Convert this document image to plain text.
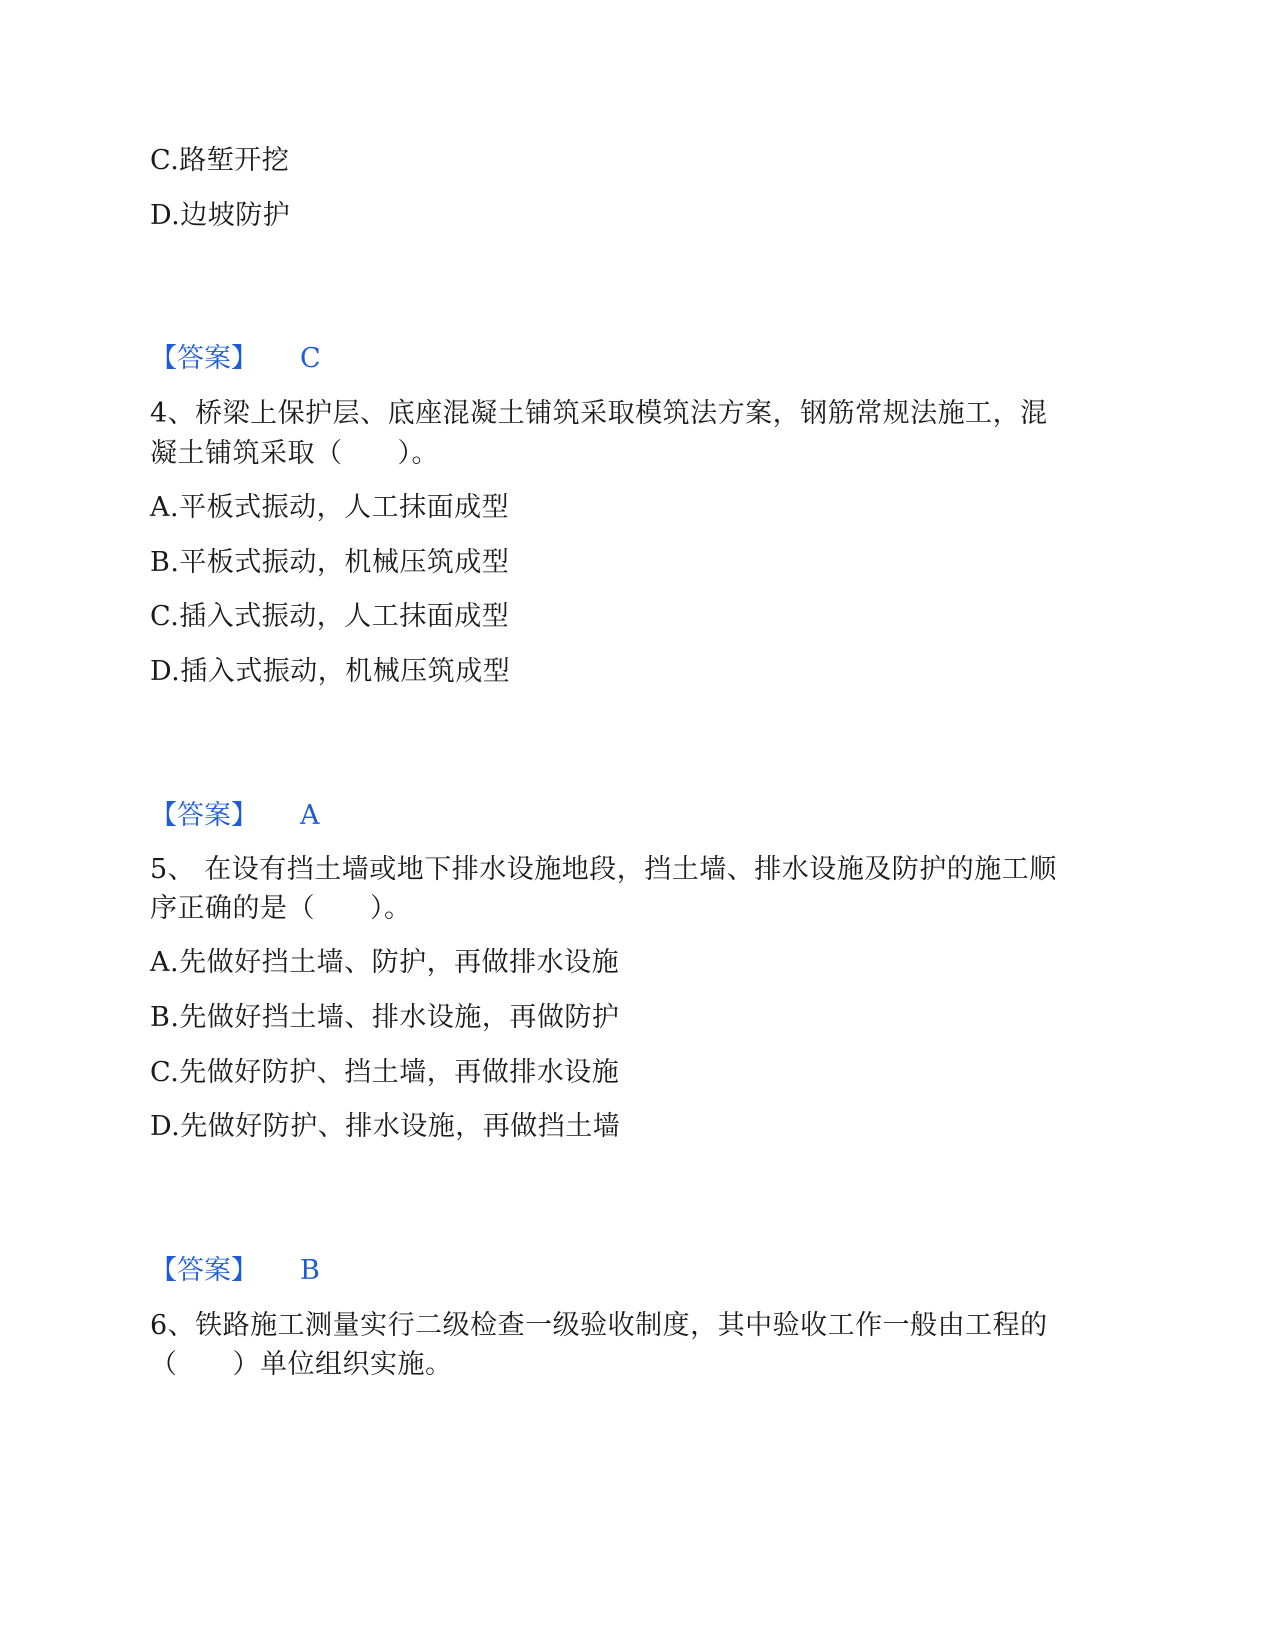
C.路堑开挖
D.边坡防护
【答案】 C
4、桥梁上保护层、底座混凝土铺筑采取模筑法方案，钢筋常规法施工，混
凝土铺筑采取（　　）。
A.平板式振动，人工抹面成型
B.平板式振动，机械压筑成型
C.插入式振动，人工抹面成型
D.插入式振动，机械压筑成型
【答案】 A
5、 在设有挡土墙或地下排水设施地段，挡土墙、排水设施及防护的施工顺
序正确的是（　　）。
A.先做好挡土墙、防护，再做排水设施
B.先做好挡土墙、排水设施，再做防护
C.先做好防护、挡土墙，再做排水设施
D.先做好防护、排水设施，再做挡土墙
【答案】 B
6、铁路施工测量实行二级检查一级验收制度，其中验收工作一般由工程的
（　　）单位组织实施。
